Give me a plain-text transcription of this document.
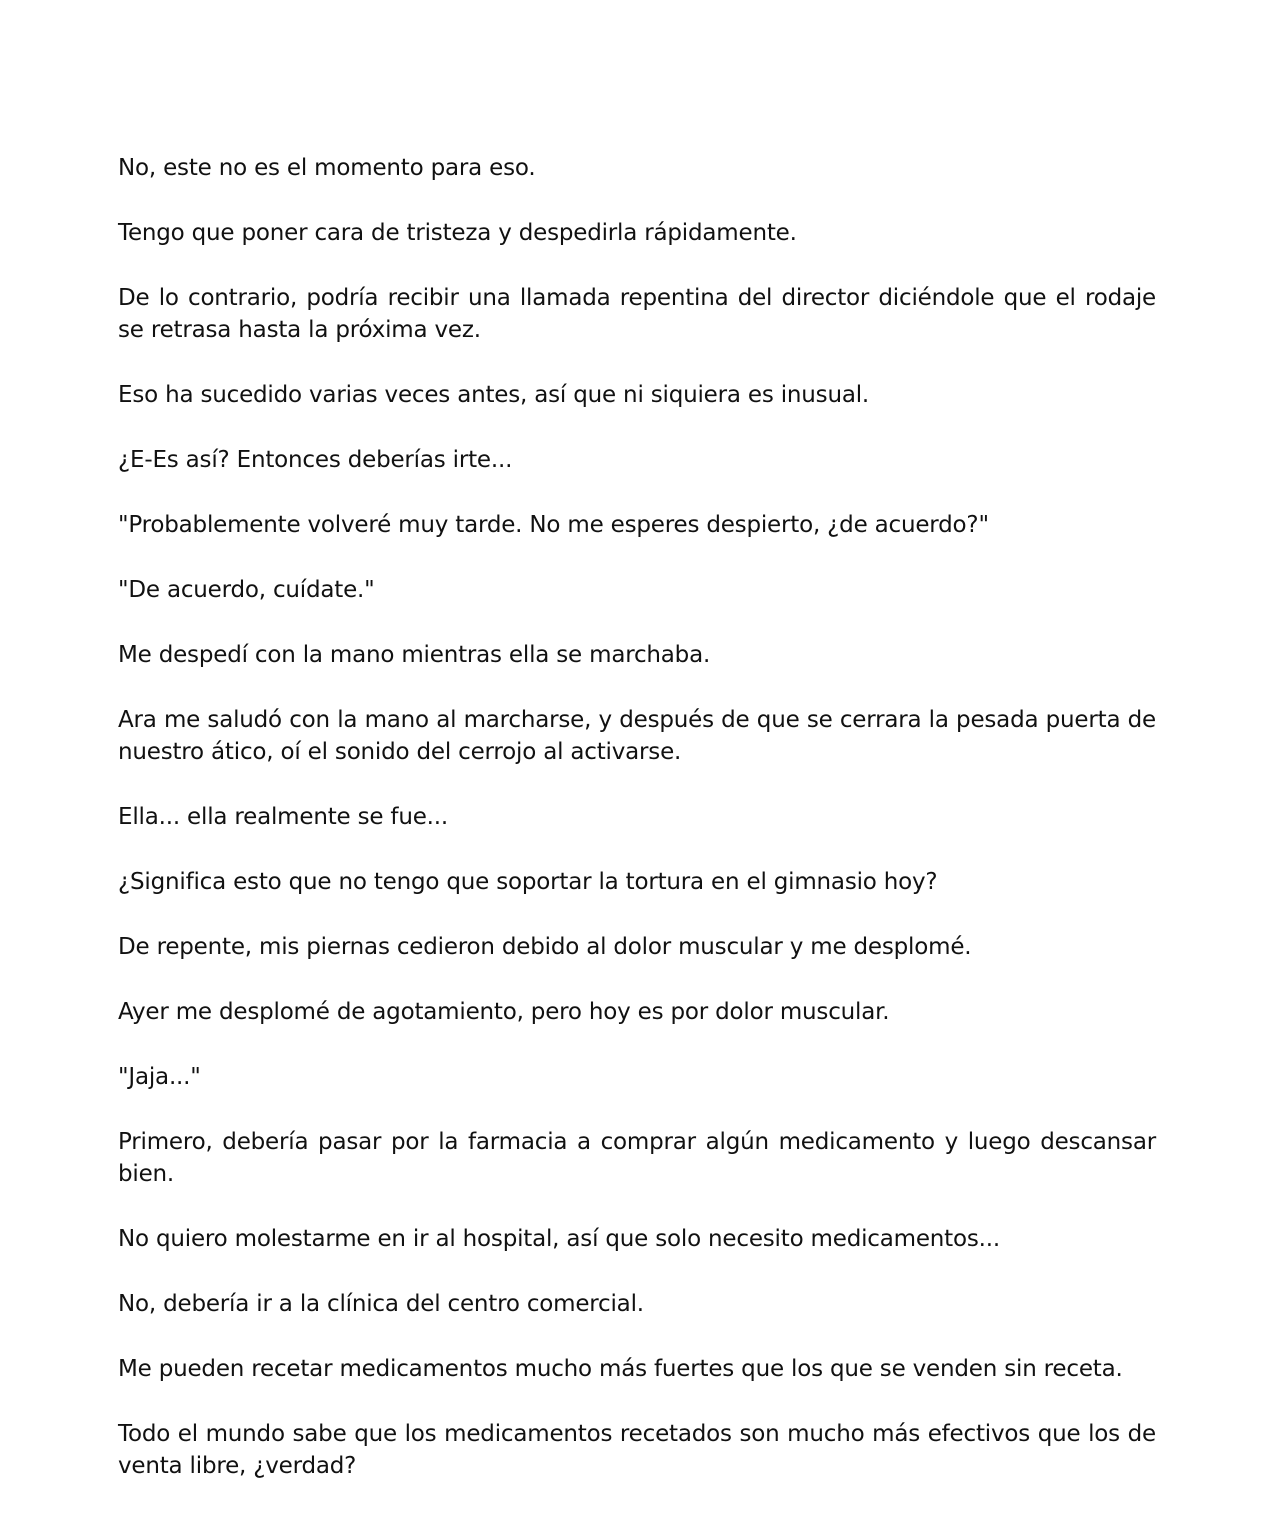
No, este no es el momento para eso.

Tengo que poner cara de tristeza y despedirla rápidamente.

De lo contrario, podría recibir una llamada repentina del director diciéndole que el rodaje se retrasa hasta la próxima vez.

Eso ha sucedido varias veces antes, así que ni siquiera es inusual.

¿E-Es así? Entonces deberías irte...

"Probablemente volveré muy tarde. No me esperes despierto, ¿de acuerdo?"

"De acuerdo, cuídate."

Me despedí con la mano mientras ella se marchaba.

Ara me saludó con la mano al marcharse, y después de que se cerrara la pesada puerta de nuestro ático, oí el sonido del cerrojo al activarse.

Ella... ella realmente se fue...

¿Significa esto que no tengo que soportar la tortura en el gimnasio hoy?

De repente, mis piernas cedieron debido al dolor muscular y me desplomé.

Ayer me desplomé de agotamiento, pero hoy es por dolor muscular.

"Jaja..."

Primero, debería pasar por la farmacia a comprar algún medicamento y luego descansar bien.

No quiero molestarme en ir al hospital, así que solo necesito medicamentos...

No, debería ir a la clínica del centro comercial.

Me pueden recetar medicamentos mucho más fuertes que los que se venden sin receta.

Todo el mundo sabe que los medicamentos recetados son mucho más efectivos que los de venta libre, ¿verdad?
